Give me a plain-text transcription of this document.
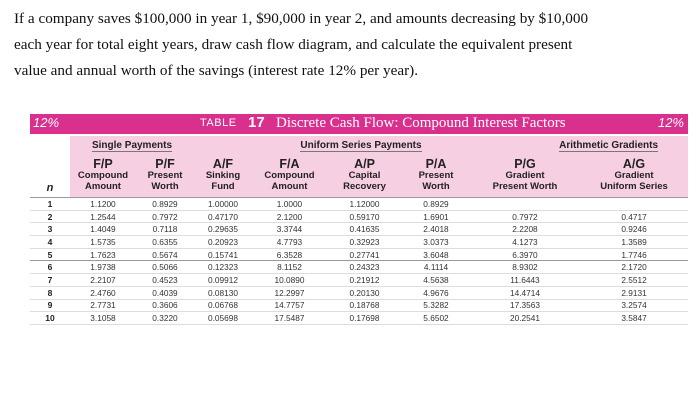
If a company saves $100,000 in year 1, $90,000 in year 2, and amounts decreasing by $10,000
each year for total eight years, draw cash flow diagram, and calculate the equivalent present
value and annual worth of the savings (interest rate 12% per year).
12%	TABLE 17 Discrete Cash Flow: Compound Interest Factors	12%
	Single Payments			Uniform Series Payments			Arithmetic Gradients	
n	F/P
Compound
Amount	P/F
Present
Worth	A/F
Sinking
Fund	F/A
Compound
Amount	A/P
Capital
Recovery	P/A
Present
Worth	P/G
Gradient
Present Worth	A/G
Gradient
Uniform Series

1	1.1200	0.8929	1.00000	1.0000	1.12000	0.8929		
2	1.2544	0.7972	0.47170	2.1200	0.59170	1.6901	0.7972	0.4717
3	1.4049	0.7118	0.29635	3.3744	0.41635	2.4018	2.2208	0.9246
4	1.5735	0.6355	0.20923	4.7793	0.32923	3.0373	4.1273	1.3589
5	1.7623	0.5674	0.15741	6.3528	0.27741	3.6048	6.3970	1.7746
6	1.9738	0.5066	0.12323	8.1152	0.24323	4.1114	8.9302	2.1720
7	2.2107	0.4523	0.09912	10.0890	0.21912	4.5638	11.6443	2.5512
8	2.4760	0.4039	0.08130	12.2997	0.20130	4.9676	14.4714	2.9131
9	2.7731	0.3606	0.06768	14.7757	0.18768	5.3282	17.3563	3.2574
10	3.1058	0.3220	0.05698	17.5487	0.17698	5.6502	20.2541	3.5847
